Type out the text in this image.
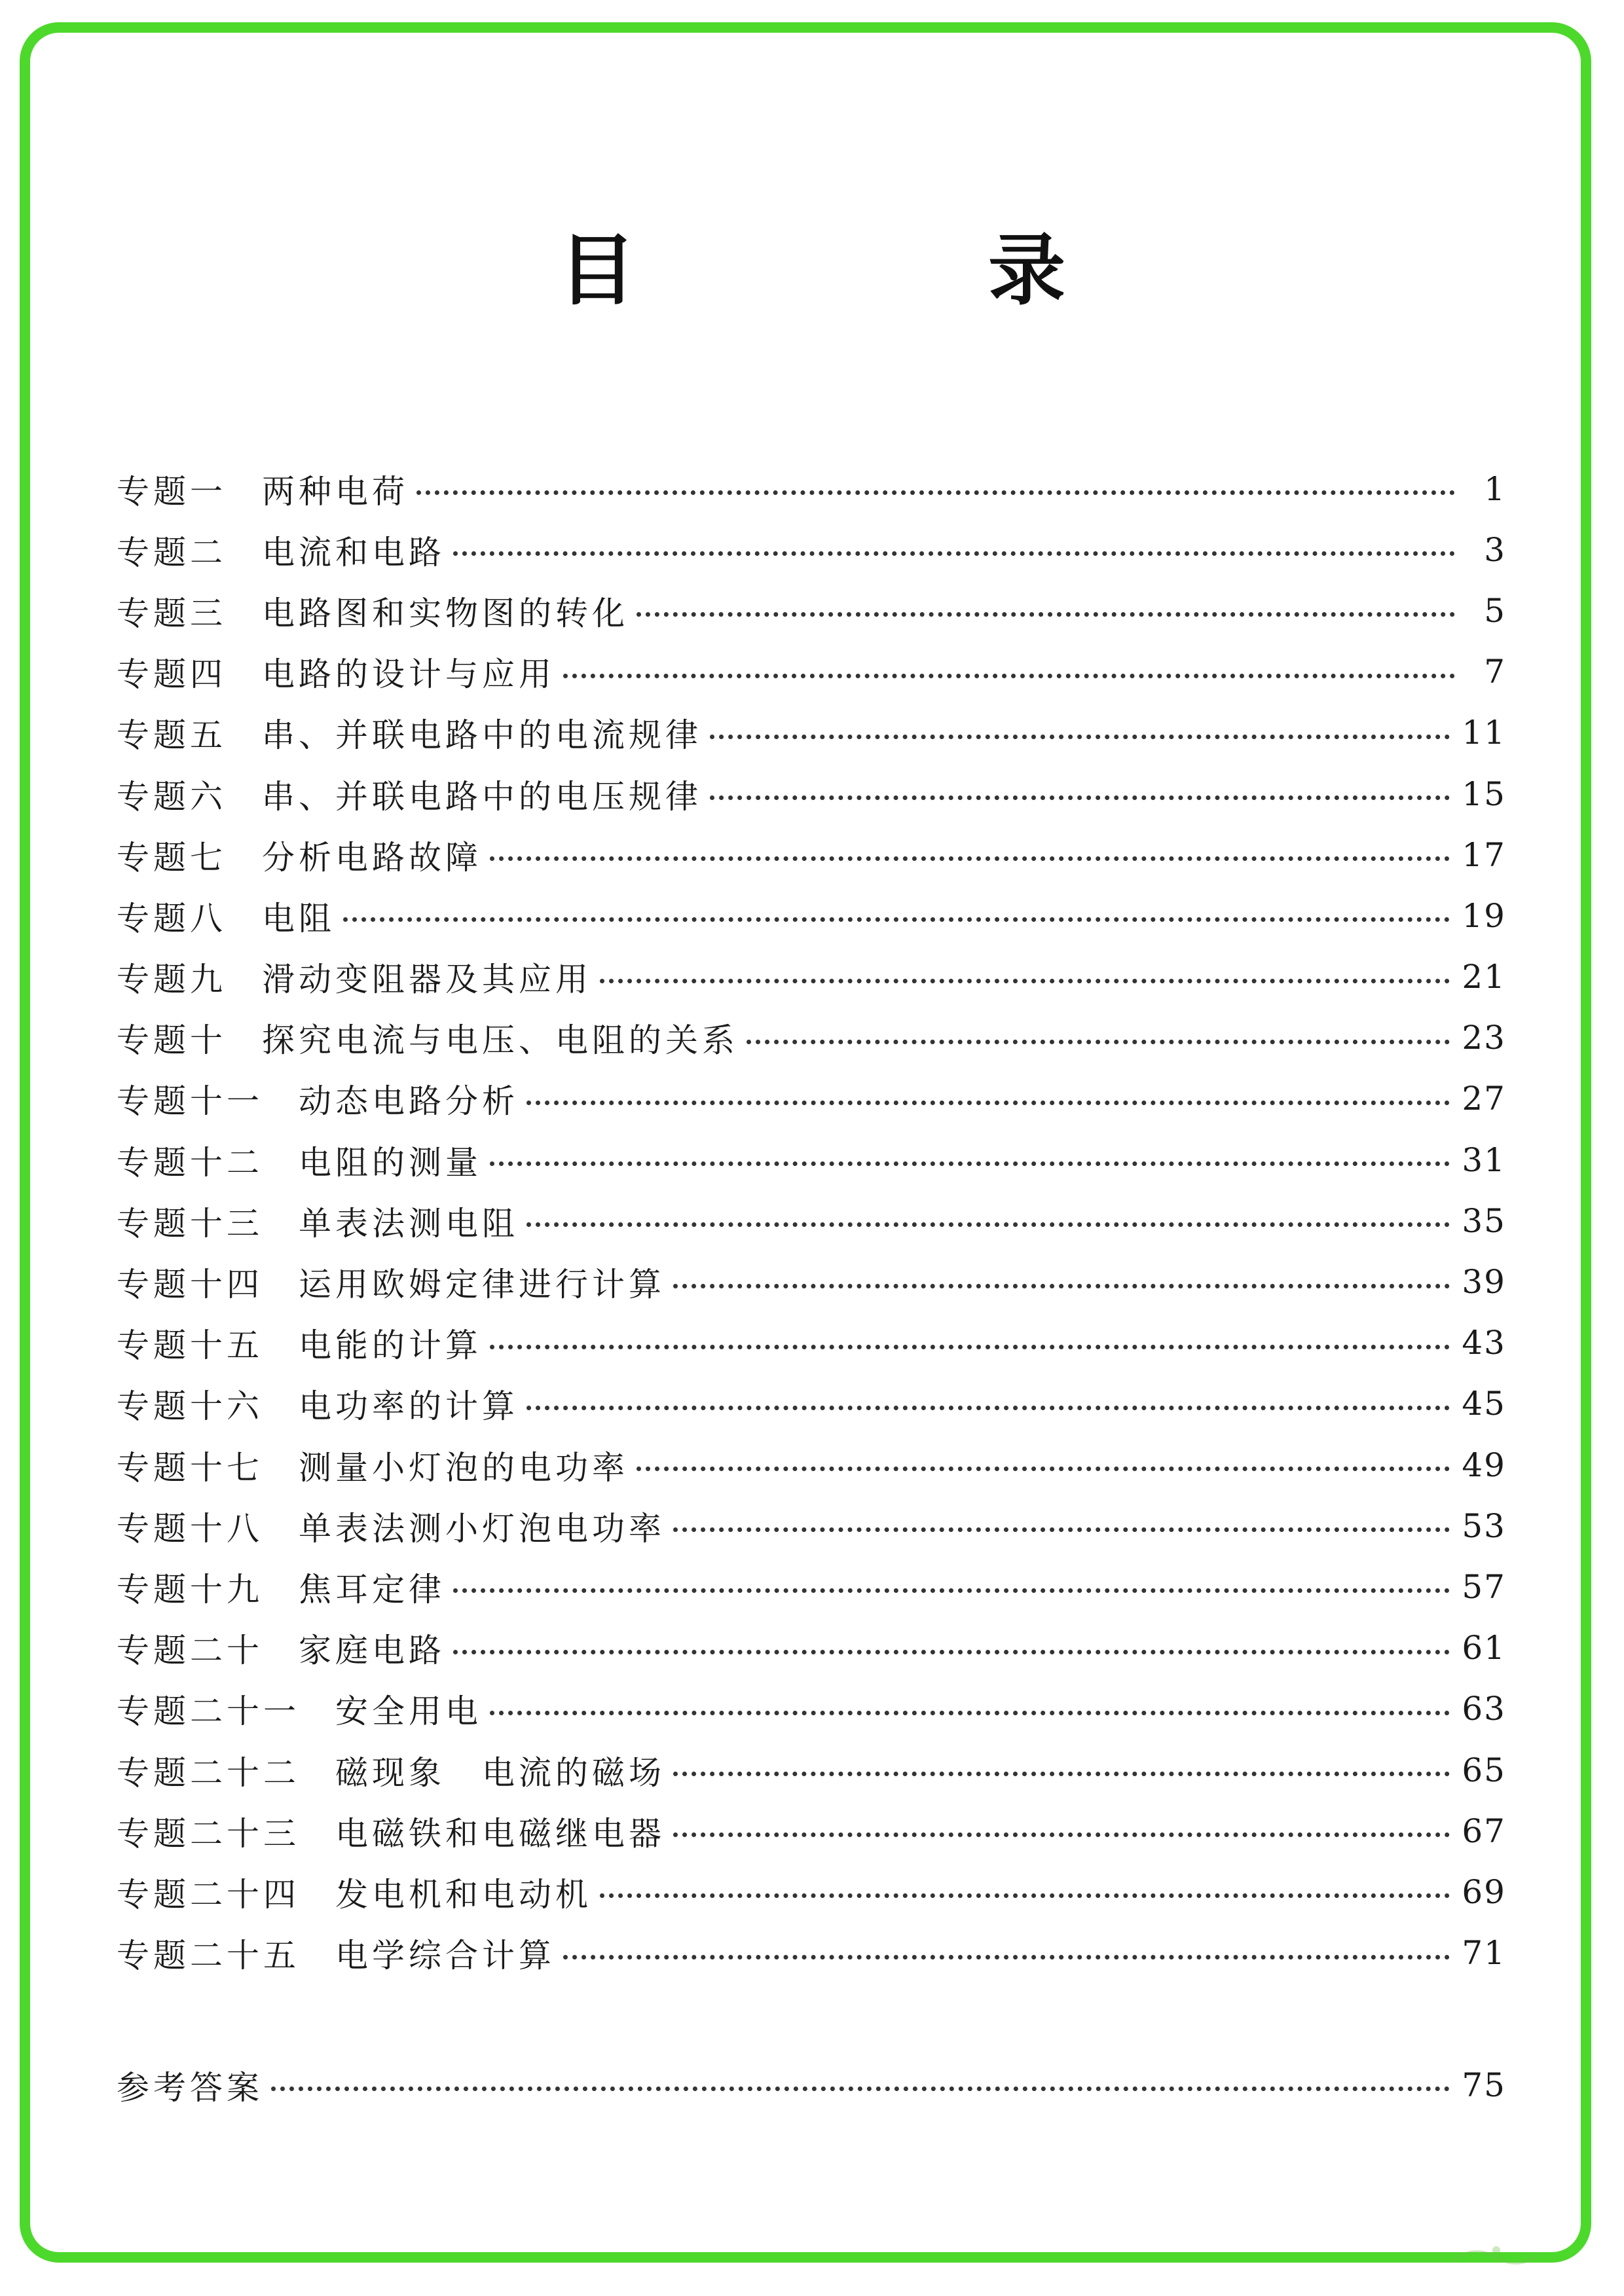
目　录
专题一 两种电荷	1
专题二 电流和电路	3
专题三 电路图和实物图的转化	5
专题四 电路的设计与应用	7
专题五 串、并联电路中的电流规律	11
专题六 串、并联电路中的电压规律	15
专题七 分析电路故障	17
专题八 电阻	19
专题九 滑动变阻器及其应用	21
专题十 探究电流与电压、电阻的关系	23
专题十一 动态电路分析	27
专题十二 电阻的测量	31
专题十三 单表法测电阻	35
专题十四 运用欧姆定律进行计算	39
专题十五 电能的计算	43
专题十六 电功率的计算	45
专题十七 测量小灯泡的电功率	49
专题十八 单表法测小灯泡电功率	53
专题十九 焦耳定律	57
专题二十 家庭电路	61
专题二十一 安全用电	63
专题二十二 磁现象　电流的磁场	65
专题二十三 电磁铁和电磁继电器	67
专题二十四 发电机和电动机	69
专题二十五 电学综合计算	71
参考答案	75
